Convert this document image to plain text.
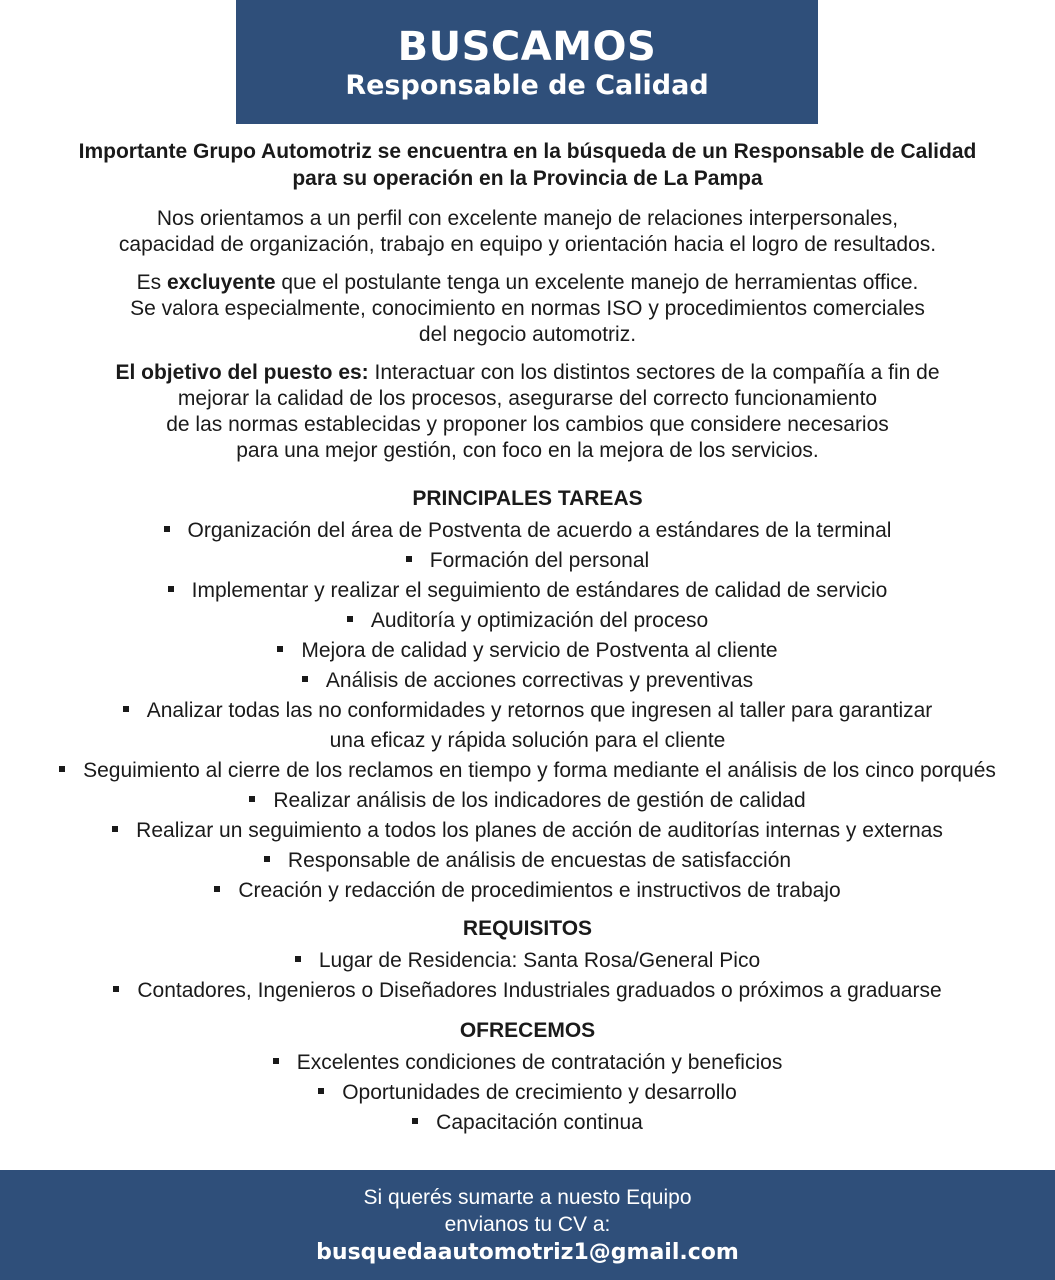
BUSCAMOS
Responsable de Calidad

Importante Grupo Automotriz se encuentra en la búsqueda de un Responsable de Calidad
para su operación en la Provincia de La Pampa

Nos orientamos a un perfil con excelente manejo de relaciones interpersonales,
capacidad de organización, trabajo en equipo y orientación hacia el logro de resultados.

Es excluyente que el postulante tenga un excelente manejo de herramientas office.
Se valora especialmente, conocimiento en normas ISO y procedimientos comerciales
del negocio automotriz.

El objetivo del puesto es: Interactuar con los distintos sectores de la compañía a fin de
mejorar la calidad de los procesos, asegurarse del correcto funcionamiento
de las normas establecidas y proponer los cambios que considere necesarios
para una mejor gestión, con foco en la mejora de los servicios.

PRINCIPALES TAREAS
Organización del área de Postventa de acuerdo a estándares de la terminal
Formación del personal
Implementar y realizar el seguimiento de estándares de calidad de servicio
Auditoría y optimización del proceso
Mejora de calidad y servicio de Postventa al cliente
Análisis de acciones correctivas y preventivas
Analizar todas las no conformidades y retornos que ingresen al taller para garantizar
una eficaz y rápida solución para el cliente
Seguimiento al cierre de los reclamos en tiempo y forma mediante el análisis de los cinco porqués
Realizar análisis de los indicadores de gestión de calidad
Realizar un seguimiento a todos los planes de acción de auditorías internas y externas
Responsable de análisis de encuestas de satisfacción
Creación y redacción de procedimientos e instructivos de trabajo
REQUISITOS
Lugar de Residencia: Santa Rosa/General Pico
Contadores, Ingenieros o Diseñadores Industriales graduados o próximos a graduarse
OFRECEMOS
Excelentes condiciones de contratación y beneficios
Oportunidades de crecimiento y desarrollo
Capacitación continua
Si querés sumarte a nuesto Equipo
envianos tu CV a:
busquedaautomotriz1@gmail.com
